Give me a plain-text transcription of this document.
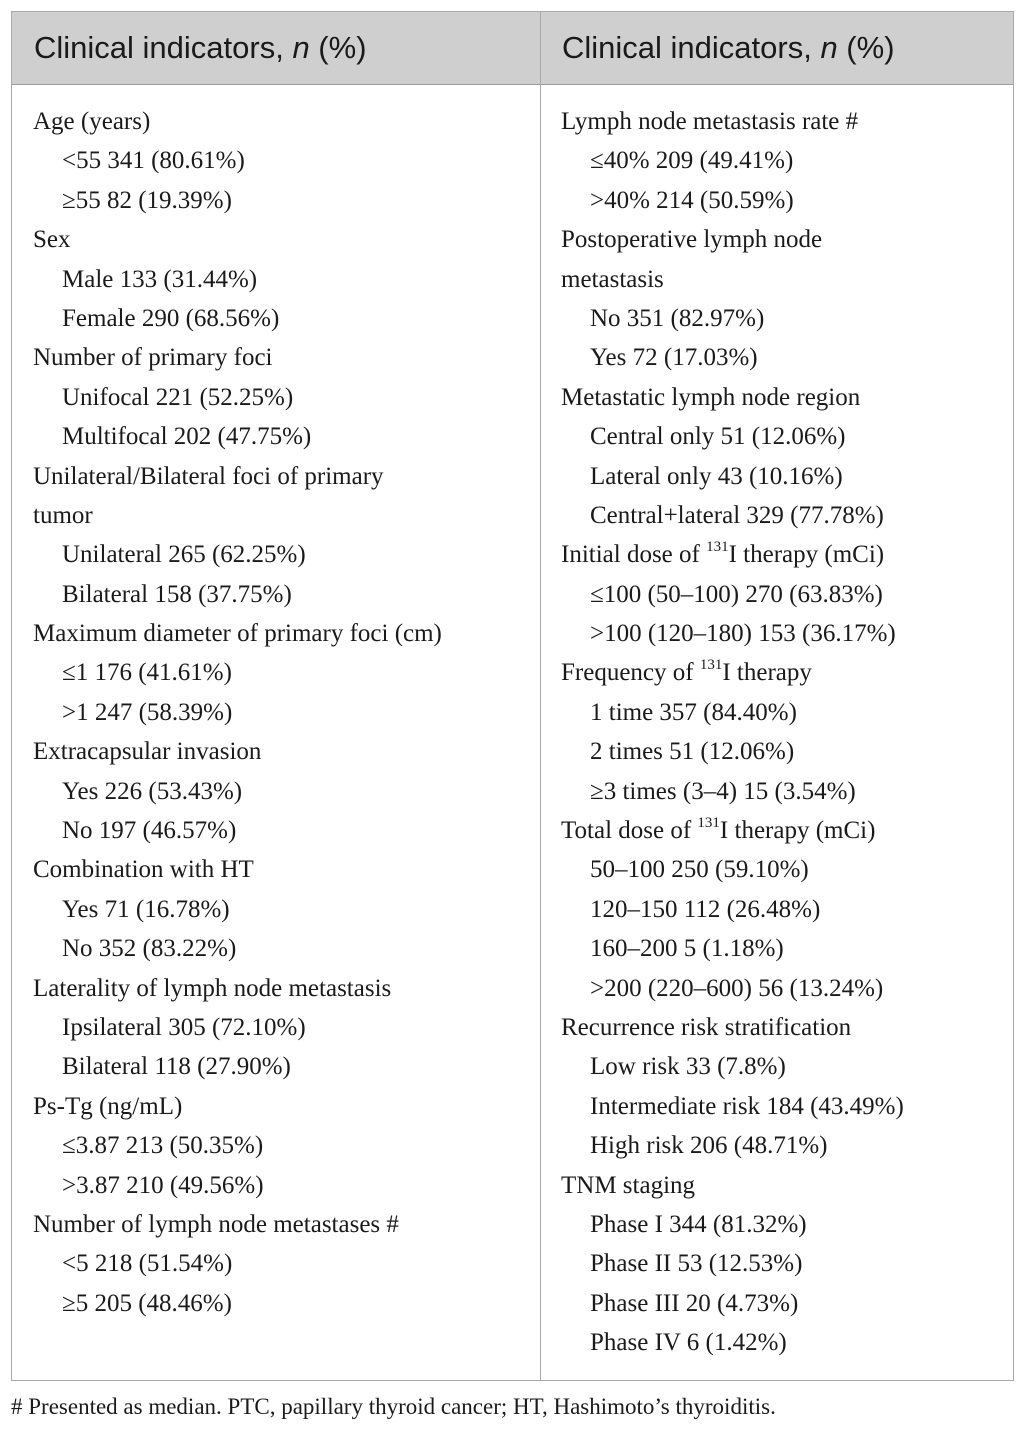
Clinical indicators, n (%)	Clinical indicators, n (%)
Age (years)
<55 341 (80.61%)
≥55 82 (19.39%)
Sex
Male 133 (31.44%)
Female 290 (68.56%)
Number of primary foci
Unifocal 221 (52.25%)
Multifocal 202 (47.75%)
Unilateral/Bilateral foci of primary
tumor
Unilateral 265 (62.25%)
Bilateral 158 (37.75%)
Maximum diameter of primary foci (cm)
≤1 176 (41.61%)
>1 247 (58.39%)
Extracapsular invasion
Yes 226 (53.43%)
No 197 (46.57%)
Combination with HT
Yes 71 (16.78%)
No 352 (83.22%)
Laterality of lymph node metastasis
Ipsilateral 305 (72.10%)
Bilateral 118 (27.90%)
Ps-Tg (ng/mL)
≤3.87 213 (50.35%)
>3.87 210 (49.56%)
Number of lymph node metastases #
<5 218 (51.54%)
≥5 205 (48.46%)
Lymph node metastasis rate #
≤40% 209 (49.41%)
>40% 214 (50.59%)
Postoperative lymph node
metastasis
No 351 (82.97%)
Yes 72 (17.03%)
Metastatic lymph node region
Central only 51 (12.06%)
Lateral only 43 (10.16%)
Central+lateral 329 (77.78%)
Initial dose of $^{131}$I therapy (mCi)
≤100 (50–100) 270 (63.83%)
>100 (120–180) 153 (36.17%)
Frequency of $^{131}$I therapy
1 time 357 (84.40%)
2 times 51 (12.06%)
≥3 times (3–4) 15 (3.54%)
Total dose of $^{131}$I therapy (mCi)
50–100 250 (59.10%)
120–150 112 (26.48%)
160–200 5 (1.18%)
>200 (220–600) 56 (13.24%)
Recurrence risk stratification
Low risk 33 (7.8%)
Intermediate risk 184 (43.49%)
High risk 206 (48.71%)
TNM staging
Phase I 344 (81.32%)
Phase II 53 (12.53%)
Phase III 20 (4.73%)
Phase IV 6 (1.42%)
# Presented as median. PTC, papillary thyroid cancer; HT, Hashimoto’s thyroiditis.
